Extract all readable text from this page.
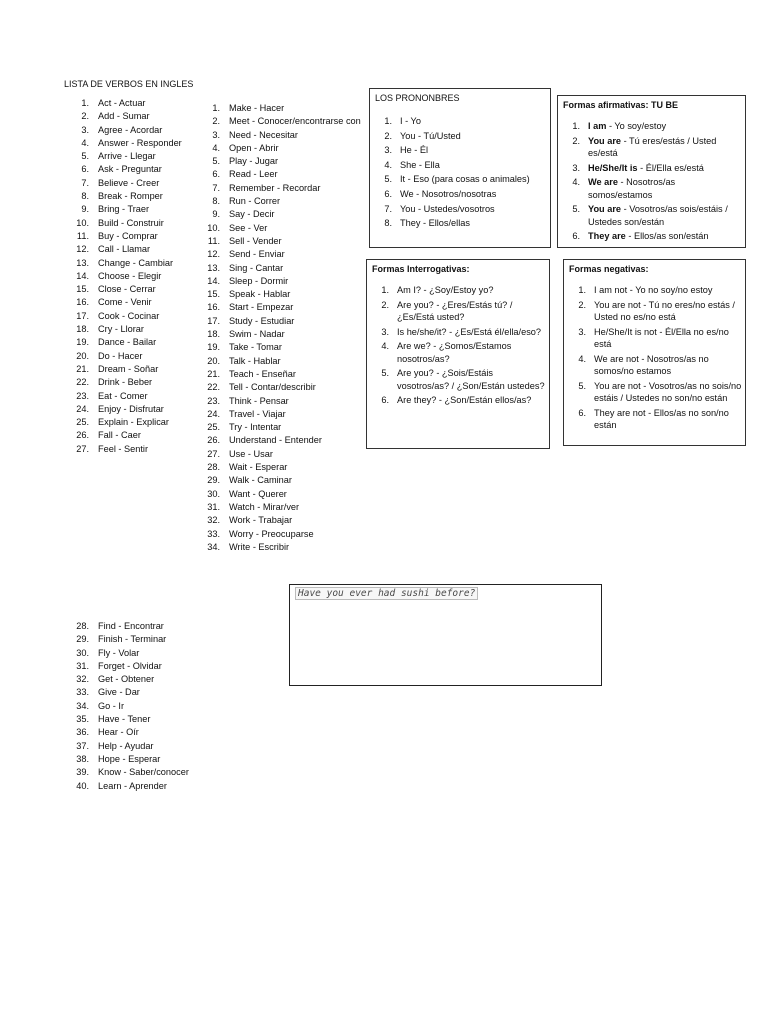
LISTA DE VERBOS EN INGLES
1. Act - Actuar
2. Add - Sumar
3. Agree - Acordar
4. Answer - Responder
5. Arrive - Llegar
6. Ask - Preguntar
7. Believe - Creer
8. Break - Romper
9. Bring - Traer
10. Build - Construir
11. Buy - Comprar
12. Call - Llamar
13. Change - Cambiar
14. Choose - Elegir
15. Close - Cerrar
16. Come - Venir
17. Cook - Cocinar
18. Cry - Llorar
19. Dance - Bailar
20. Do - Hacer
21. Dream - Soñar
22. Drink - Beber
23. Eat - Comer
24. Enjoy - Disfrutar
25. Explain - Explicar
26. Fall - Caer
27. Feel - Sentir
1. Make - Hacer
2. Meet - Conocer/encontrarse con
3. Need - Necesitar
4. Open - Abrir
5. Play - Jugar
6. Read - Leer
7. Remember - Recordar
8. Run - Correr
9. Say - Decir
10. See - Ver
11. Sell - Vender
12. Send - Enviar
13. Sing - Cantar
14. Sleep - Dormir
15. Speak - Hablar
16. Start - Empezar
17. Study - Estudiar
18. Swim - Nadar
19. Take - Tomar
20. Talk - Hablar
21. Teach - Enseñar
22. Tell - Contar/describir
23. Think - Pensar
24. Travel - Viajar
25. Try - Intentar
26. Understand - Entender
27. Use - Usar
28. Wait - Esperar
29. Walk - Caminar
30. Want - Querer
31. Watch - Mirar/ver
32. Work - Trabajar
33. Worry - Preocuparse
34. Write - Escribir
28. Find - Encontrar
29. Finish - Terminar
30. Fly - Volar
31. Forget - Olvidar
32. Get - Obtener
33. Give - Dar
34. Go - Ir
35. Have - Tener
36. Hear - Oír
37. Help - Ayudar
38. Hope - Esperar
39. Know - Saber/conocer
40. Learn - Aprender
LOS PRONONBRES
1. I - Yo
2. You - Tú/Usted
3. He - Él
4. She - Ella
5. It - Eso (para cosas o animales)
6. We - Nosotros/nosotras
7. You - Ustedes/vosotros
8. They - Ellos/ellas
Formas afirmativas: TU BE
1. I am - Yo soy/estoy
2. You are - Tú eres/estás / Usted es/está
3. He/She/It is - Él/Ella es/está
4. We are - Nosotros/as somos/estamos
5. You are - Vosotros/as sois/estáis / Ustedes son/están
6. They are - Ellos/as son/están
Formas Interrogativas:
1. Am I? - ¿Soy/Estoy yo?
2. Are you? - ¿Eres/Estás tú? / ¿Es/Está usted?
3. Is he/she/it? - ¿Es/Está él/ella/eso?
4. Are we? - ¿Somos/Estamos nosotros/as?
5. Are you? - ¿Sois/Estáis vosotros/as? / ¿Son/Están ustedes?
6. Are they? - ¿Son/Están ellos/as?
Formas negativas:
1. I am not - Yo no soy/no estoy
2. You are not - Tú no eres/no estás / Usted no es/no está
3. He/She/It is not - Él/Ella no es/no está
4. We are not - Nosotros/as no somos/no estamos
5. You are not - Vosotros/as no sois/no estáis / Ustedes no son/no están
6. They are not - Ellos/as no son/no están
Have you ever had sushi before?
